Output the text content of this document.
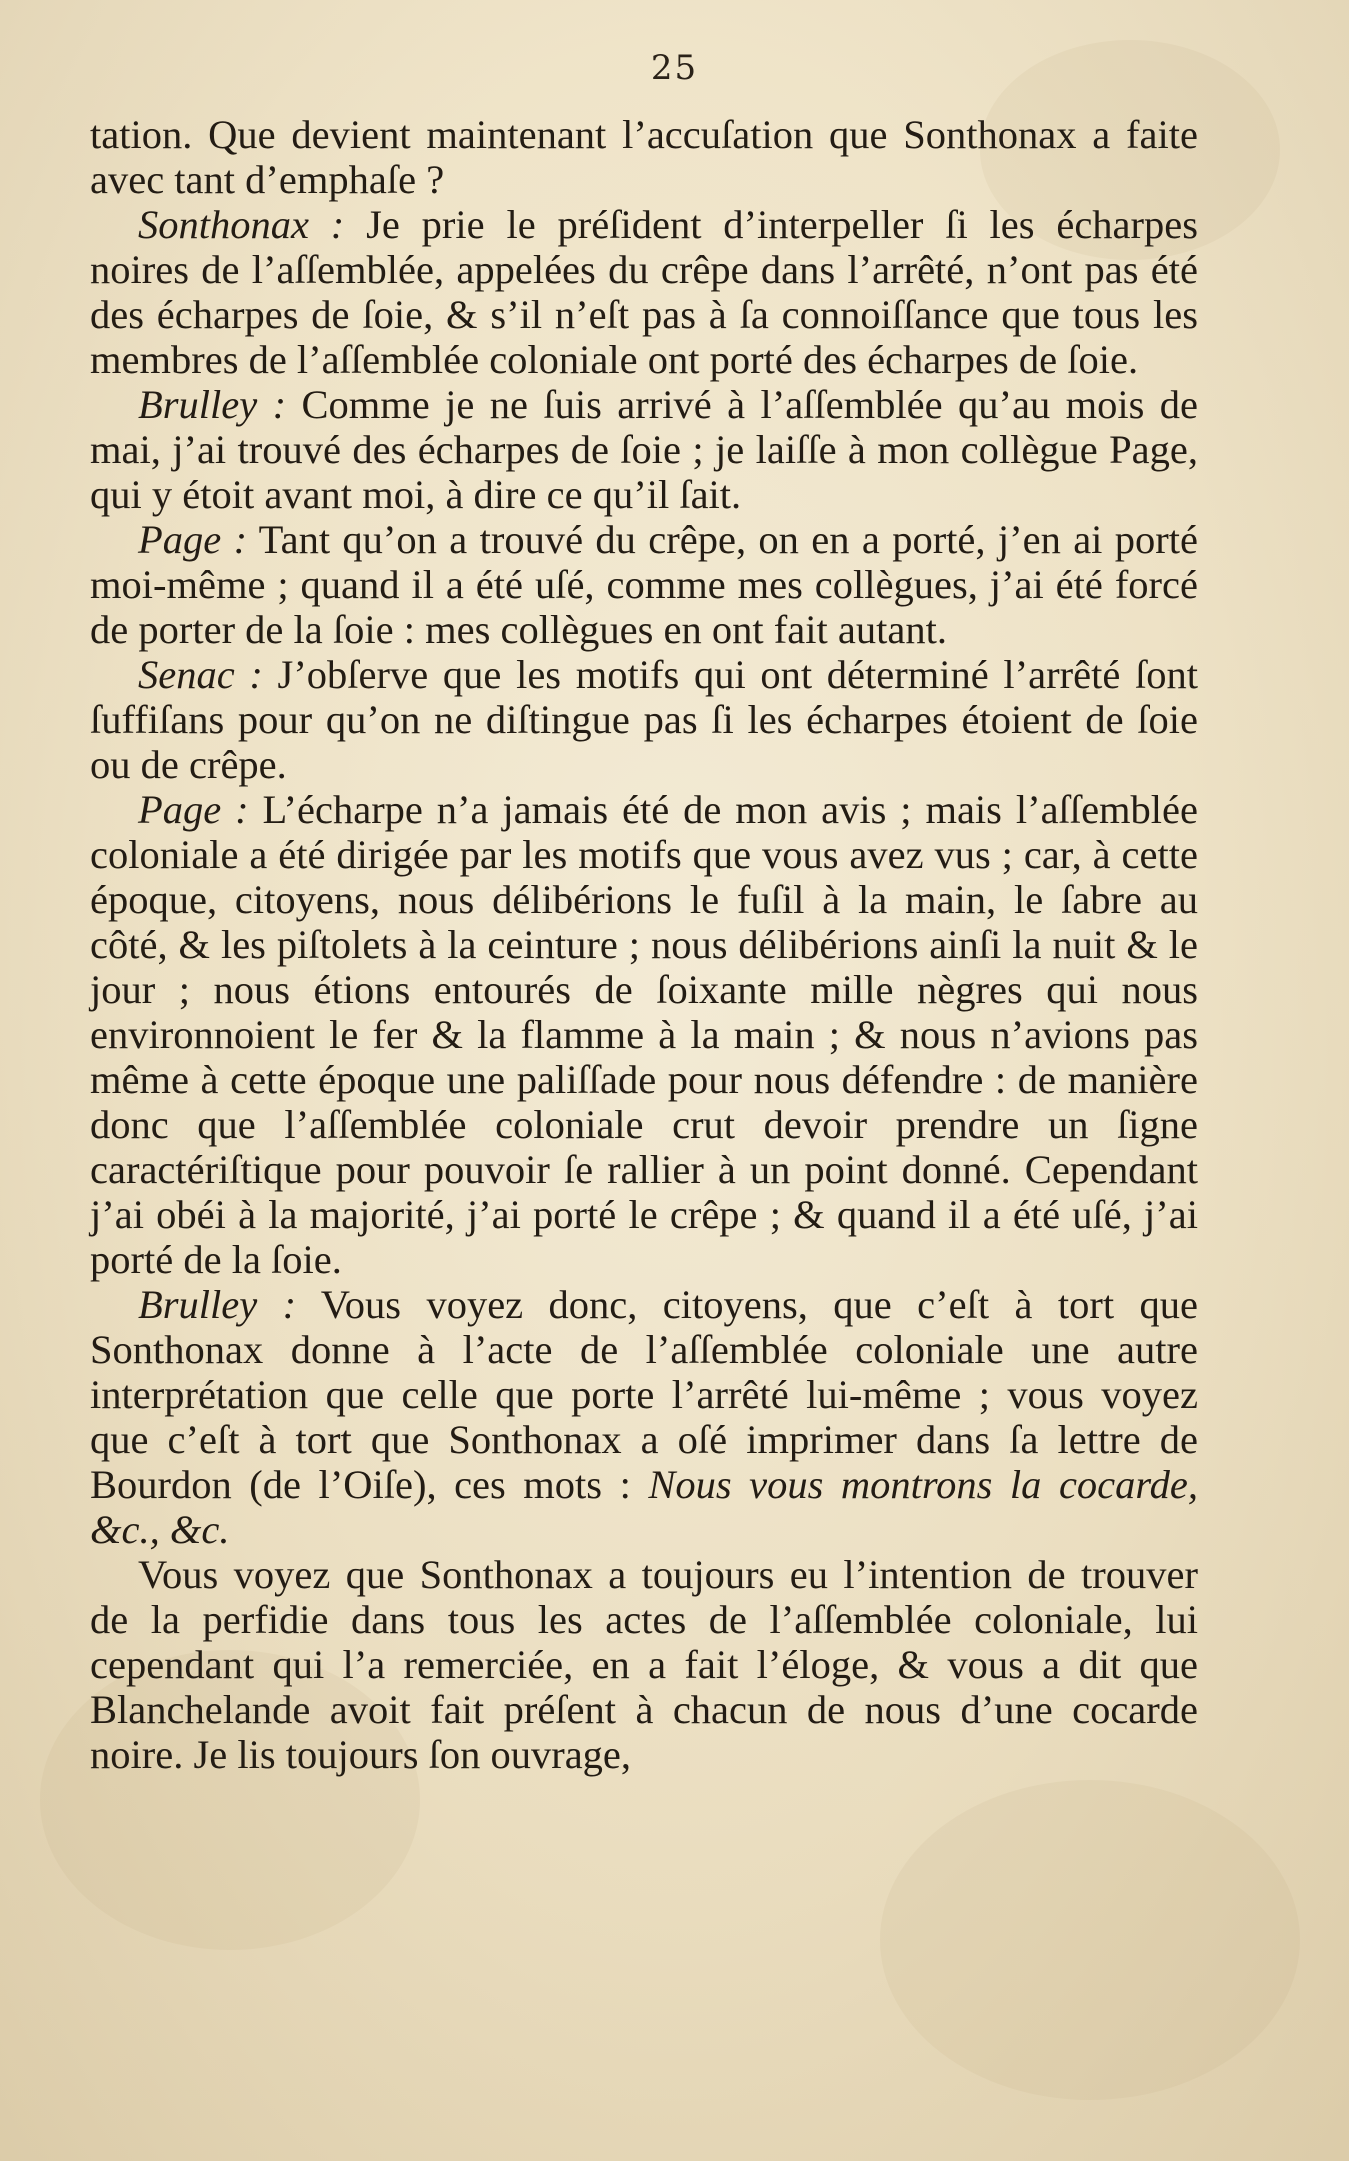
25

tation. Que devient maintenant l’accuſation que Sonthonax a faite avec tant d’emphaſe ?

Sonthonax : Je prie le préſident d’interpeller ſi les écharpes noires de l’aſſemblée, appelées du crêpe dans l’arrêté, n’ont pas été des écharpes de ſoie, & s’il n’eſt pas à ſa connoiſſance que tous les membres de l’aſſemblée coloniale ont porté des écharpes de ſoie.

Brulley : Comme je ne ſuis arrivé à l’aſſemblée qu’au mois de mai, j’ai trouvé des écharpes de ſoie ; je laiſſe à mon collègue Page, qui y étoit avant moi, à dire ce qu’il ſait.

Page : Tant qu’on a trouvé du crêpe, on en a porté, j’en ai porté moi-même ; quand il a été uſé, comme mes collègues, j’ai été forcé de porter de la ſoie : mes collègues en ont fait autant.

Senac : J’obſerve que les motifs qui ont déterminé l’arrêté ſont ſuffiſans pour qu’on ne diſtingue pas ſi les écharpes étoient de ſoie ou de crêpe.

Page : L’écharpe n’a jamais été de mon avis ; mais l’aſſemblée coloniale a été dirigée par les motifs que vous avez vus ; car, à cette époque, citoyens, nous délibérions le fuſil à la main, le ſabre au côté, & les piſtolets à la ceinture ; nous délibérions ainſi la nuit & le jour ; nous étions entourés de ſoixante mille nègres qui nous environnoient le fer & la flamme à la main ; & nous n’avions pas même à cette époque une paliſſade pour nous défendre : de manière donc que l’aſſemblée coloniale crut devoir prendre un ſigne caractériſtique pour pouvoir ſe rallier à un point donné. Cependant j’ai obéi à la majorité, j’ai porté le crêpe ; & quand il a été uſé, j’ai porté de la ſoie.

Brulley : Vous voyez donc, citoyens, que c’eſt à tort que Sonthonax donne à l’acte de l’aſſemblée coloniale une autre interprétation que celle que porte l’arrêté lui-même ; vous voyez que c’eſt à tort que Sonthonax a oſé imprimer dans ſa lettre de Bourdon (de l’Oiſe), ces mots : Nous vous montrons la cocarde, &c., &c.

Vous voyez que Sonthonax a toujours eu l’intention de trouver de la perfidie dans tous les actes de l’aſſemblée coloniale, lui cependant qui l’a remerciée, en a fait l’éloge, & vous a dit que Blanchelande avoit fait préſent à chacun de nous d’une cocarde noire. Je lis toujours ſon ouvrage,
